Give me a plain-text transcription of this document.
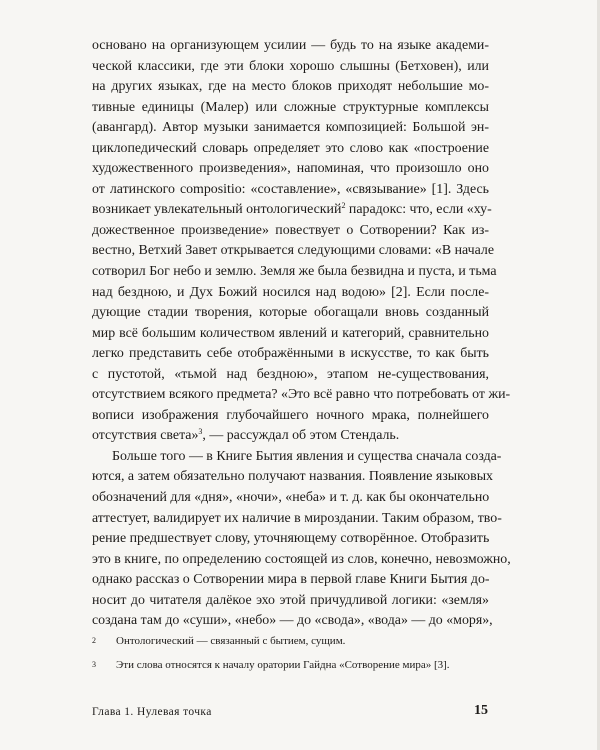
основано на организующем усилии — будь то на языке академи-
ческой классики, где эти блоки хорошо слышны (Бетховен), или
на других языках, где на место блоков приходят небольшие мо-
тивные единицы (Малер) или сложные структурные комплексы
(авангард). Автор музыки занимается композицией: Большой эн-
циклопедический словарь определяет это слово как «построение
художественного произведения», напоминая, что произошло оно
от латинского compositio: «составление», «связывание» [1]. Здесь
возникает увлекательный онтологический$^2$ парадокс: что, если «ху-
дожественное произведение» повествует о Сотворении? Как из-
вестно, Ветхий Завет открывается следующими словами: «В начале
сотворил Бог небо и землю. Земля же была безвидна и пуста, и тьма
над бездною, и Дух Божий носился над водою» [2]. Если после-
дующие стадии творения, которые обогащали вновь созданный
мир всё большим количеством явлений и категорий, сравнительно
легко представить себе отображёнными в искусстве, то как быть
с пустотой, «тьмой над бездною», этапом не-существования,
отсутствием всякого предмета? «Это всё равно что потребовать от жи-
вописи изображения глубочайшего ночного мрака, полнейшего
отсутствия света»$^3$, — рассуждал об этом Стендаль.
Больше того — в Книге Бытия явления и существа сначала созда-
ются, а затем обязательно получают названия. Появление языковых
обозначений для «дня», «ночи», «неба» и т. д. как бы окончательно
аттестует, валидирует их наличие в мироздании. Таким образом, тво-
рение предшествует слову, уточняющему сотворённое. Отобразить
это в книге, по определению состоящей из слов, конечно, невозможно,
однако рассказ о Сотворении мира в первой главе Книги Бытия до-
носит до читателя далёкое эхо этой причудливой логики: «земля»
создана там до «суши», «небо» — до «свода», «вода» — до «моря»,
2	Онтологический — связанный с бытием, сущим.
3	Эти слова относятся к началу оратории Гайдна «Сотворение мира» [3].
Глава 1. Нулевая точка	15
